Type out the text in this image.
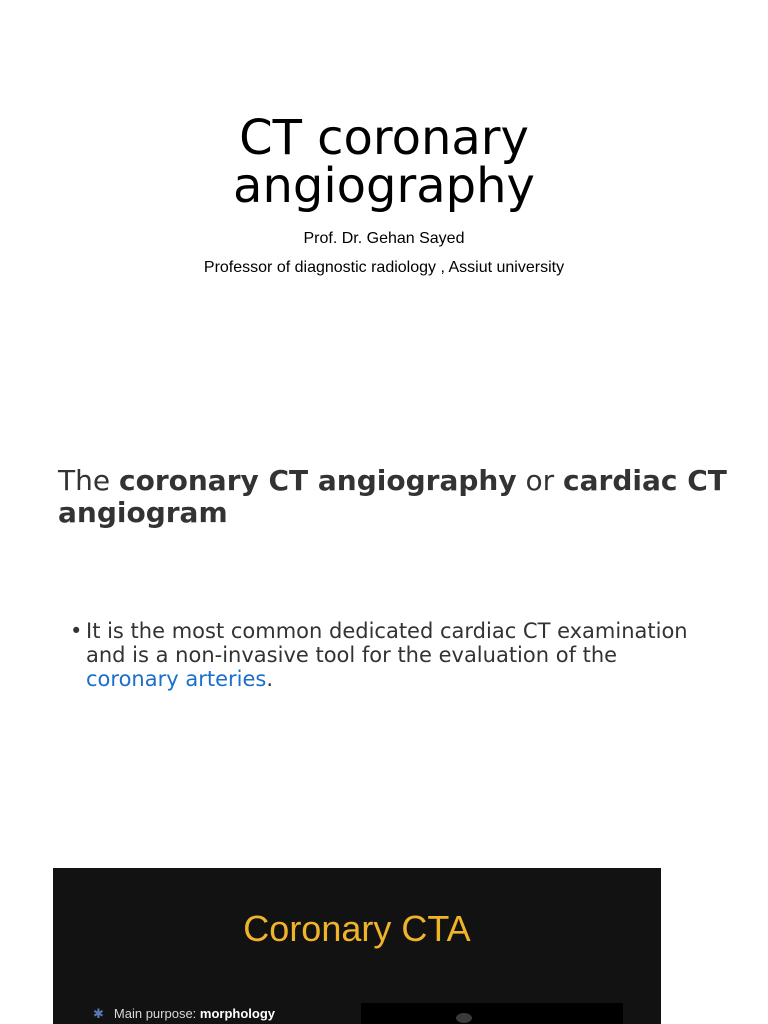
CT coronary
angiography

Prof. Dr. Gehan Sayed

Professor of diagnostic radiology , Assiut university

The coronary CT angiography or cardiac CT angiogram
• It is the most common dedicated cardiac CT examination and is a non-invasive tool for the evaluation of the coronary arteries.
Coronary CTA
✱ Main purpose: morphology
